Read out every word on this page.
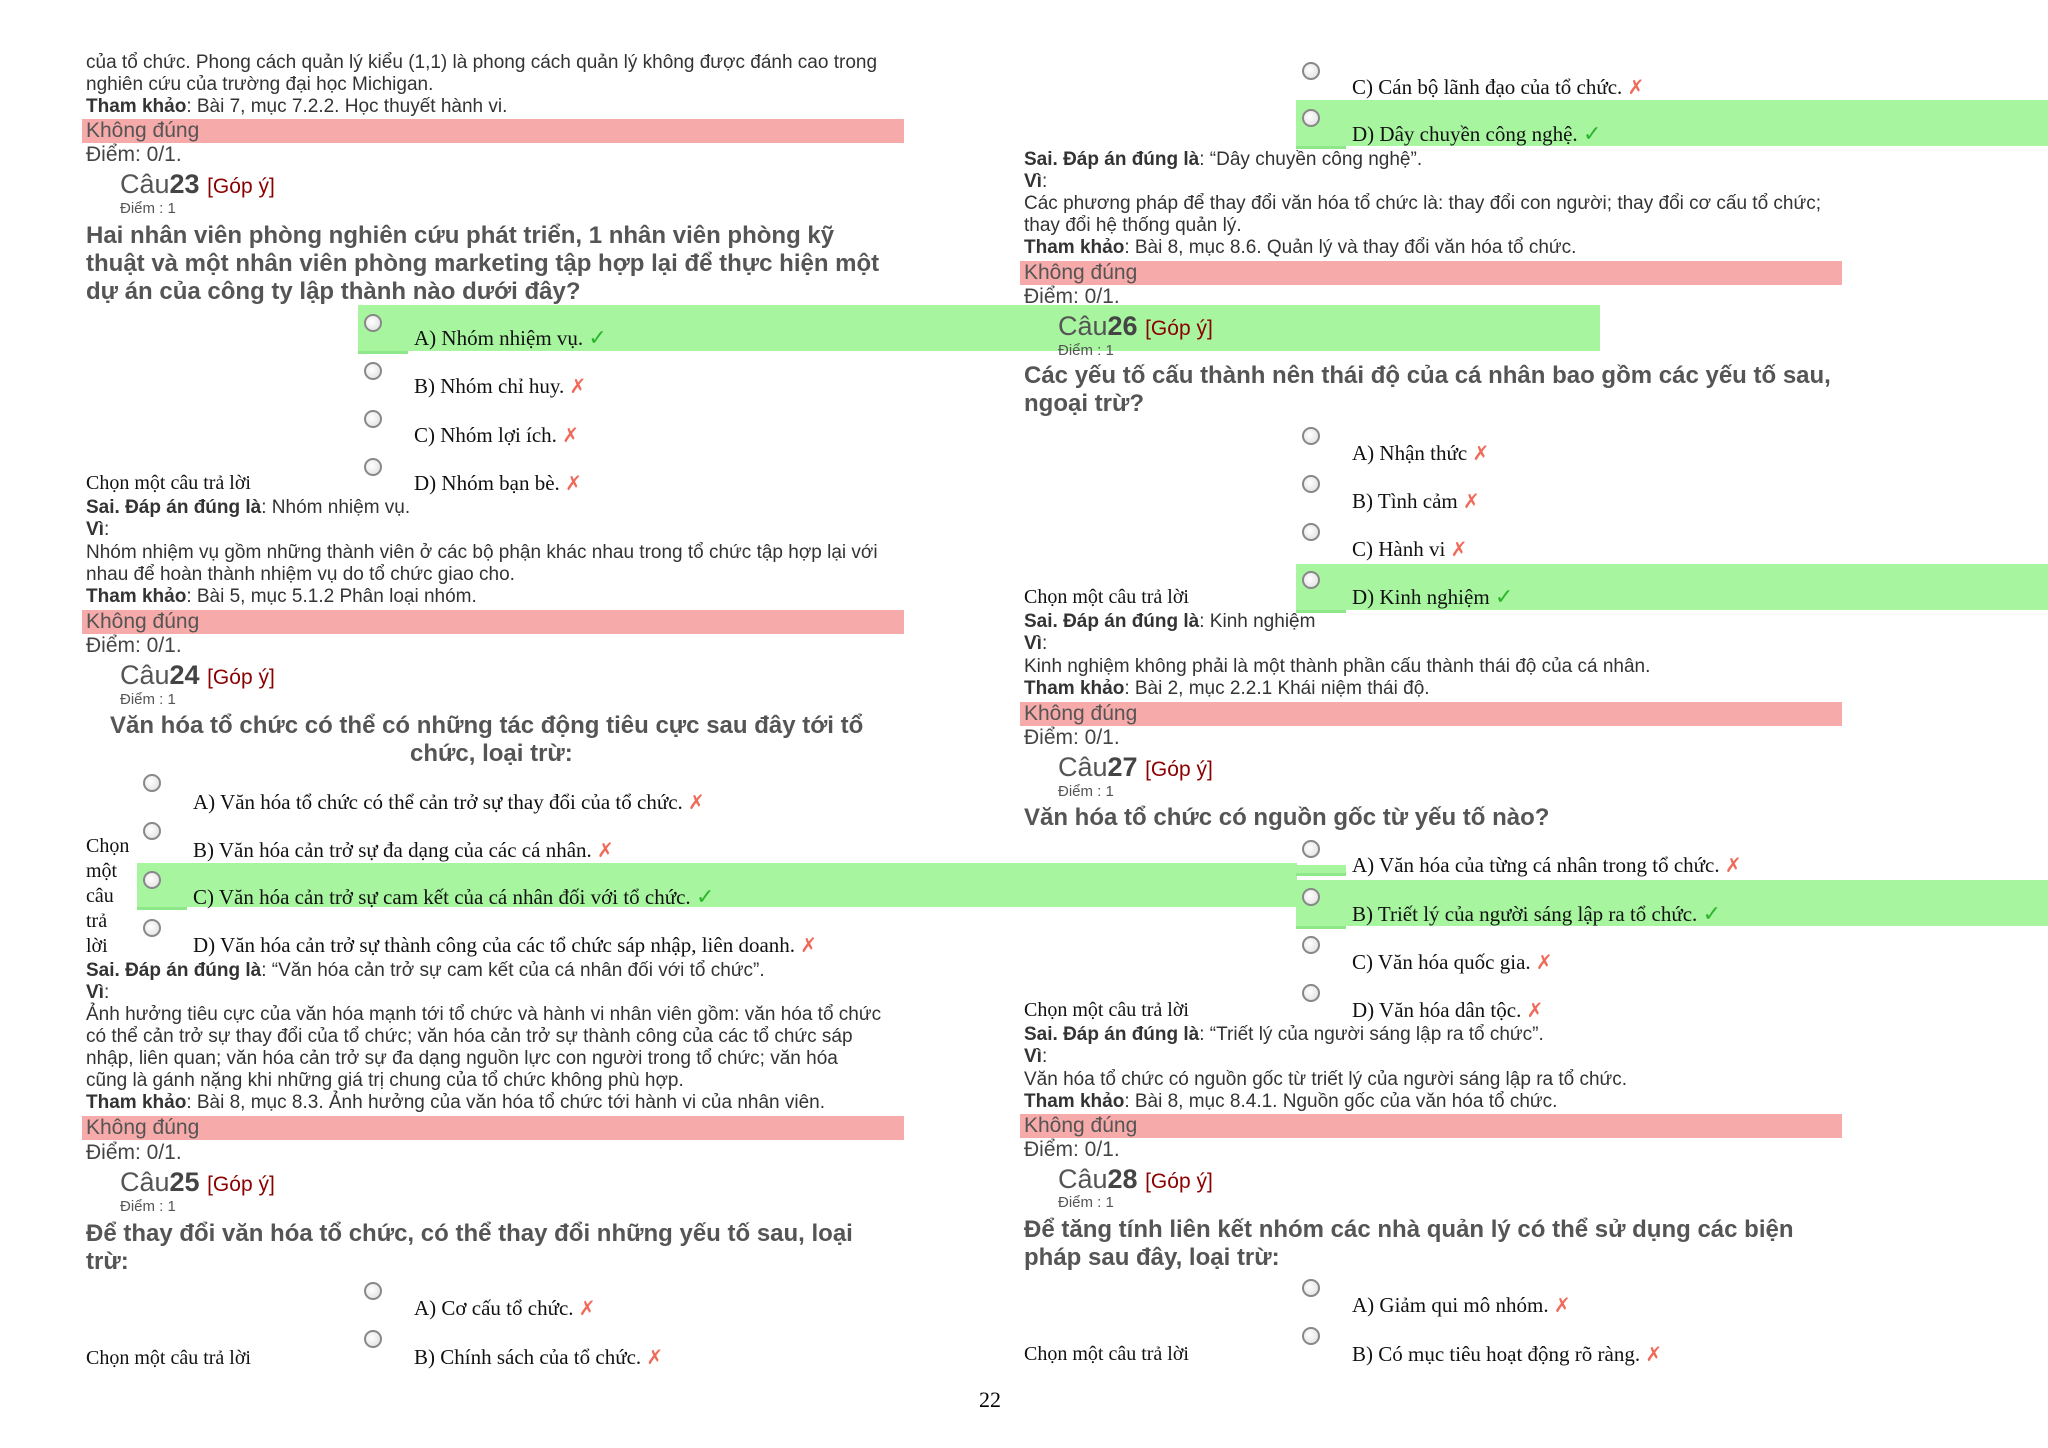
của tổ chức. Phong cách quản lý kiểu (1,1) là phong cách quản lý không được đánh cao trong
nghiên cứu của trường đại học Michigan.
Tham khảo: Bài 7, mục 7.2.2. Học thuyết hành vi.
Không đúng
Điểm: 0/1.
Câu23 [Góp ý]
Điểm : 1
Hai nhân viên phòng nghiên cứu phát triển, 1 nhân viên phòng kỹ
thuật và một nhân viên phòng marketing tập hợp lại để thực hiện một
dự án của công ty lập thành nào dưới đây?
A) Nhóm nhiệm vụ. ✓
B) Nhóm chỉ huy. ✗
C) Nhóm lợi ích. ✗
D) Nhóm bạn bè. ✗
Chọn một câu trả lời
Sai. Đáp án đúng là: Nhóm nhiệm vụ.
Vì:
Nhóm nhiệm vụ gồm những thành viên ở các bộ phận khác nhau trong tổ chức tập hợp lại với
nhau để hoàn thành nhiệm vụ do tổ chức giao cho.
Tham khảo: Bài 5, mục 5.1.2 Phân loại nhóm.
Không đúng
Điểm: 0/1.
Câu24 [Góp ý]
Điểm : 1
Văn hóa tổ chức có thể có những tác động tiêu cực sau đây tới tổ
chức, loại trừ:
A) Văn hóa tổ chức có thể cản trở sự thay đổi của tổ chức. ✗
B) Văn hóa cản trở sự đa dạng của các cá nhân. ✗
C) Văn hóa cản trở sự cam kết của cá nhân đối với tổ chức. ✓
D) Văn hóa cản trở sự thành công của các tổ chức sáp nhập, liên doanh. ✗
Chọn
một
câu
trả
lời
Sai. Đáp án đúng là: “Văn hóa cản trở sự cam kết của cá nhân đối với tổ chức”.
Vì:
Ảnh hưởng tiêu cực của văn hóa mạnh tới tổ chức và hành vi nhân viên gồm: văn hóa tổ chức
có thể cản trở sự thay đổi của tổ chức; văn hóa cản trở sự thành công của các tổ chức sáp
nhập, liên quan; văn hóa cản trở sự đa dạng nguồn lực con người trong tổ chức; văn hóa
cũng là gánh nặng khi những giá trị chung của tổ chức không phù hợp.
Tham khảo: Bài 8, mục 8.3. Ảnh hưởng của văn hóa tổ chức tới hành vi của nhân viên.
Không đúng
Điểm: 0/1.
Câu25 [Góp ý]
Điểm : 1
Để thay đổi văn hóa tổ chức, có thể thay đổi những yếu tố sau, loại
trừ:
A) Cơ cấu tổ chức. ✗
B) Chính sách của tổ chức. ✗
Chọn một câu trả lời
C) Cán bộ lãnh đạo của tổ chức. ✗
D) Dây chuyền công nghệ. ✓
Sai. Đáp án đúng là: “Dây chuyền công nghệ”.
Vì:
Các phương pháp để thay đổi văn hóa tổ chức là: thay đổi con người; thay đổi cơ cấu tổ chức;
thay đổi hệ thống quản lý.
Tham khảo: Bài 8, mục 8.6. Quản lý và thay đổi văn hóa tổ chức.
Không đúng
Điểm: 0/1.
Câu26 [Góp ý]
Điểm : 1
Các yếu tố cấu thành nên thái độ của cá nhân bao gồm các yếu tố sau,
ngoại trừ?
A) Nhận thức ✗
B) Tình cảm ✗
C) Hành vi ✗
D) Kinh nghiệm ✓
Chọn một câu trả lời
Sai. Đáp án đúng là: Kinh nghiệm
Vì:
Kinh nghiệm không phải là một thành phần cấu thành thái độ của cá nhân.
Tham khảo: Bài 2, mục 2.2.1 Khái niệm thái độ.
Không đúng
Điểm: 0/1.
Câu27 [Góp ý]
Điểm : 1
Văn hóa tổ chức có nguồn gốc từ yếu tố nào?
A) Văn hóa của từng cá nhân trong tổ chức. ✗
B) Triết lý của người sáng lập ra tổ chức. ✓
C) Văn hóa quốc gia. ✗
D) Văn hóa dân tộc. ✗
Chọn một câu trả lời
Sai. Đáp án đúng là: “Triết lý của người sáng lập ra tổ chức”.
Vì:
Văn hóa tổ chức có nguồn gốc từ triết lý của người sáng lập ra tổ chức.
Tham khảo: Bài 8, mục 8.4.1. Nguồn gốc của văn hóa tổ chức.
Không đúng
Điểm: 0/1.
Câu28 [Góp ý]
Điểm : 1
Để tăng tính liên kết nhóm các nhà quản lý có thể sử dụng các biện
pháp sau đây, loại trừ:
A) Giảm qui mô nhóm. ✗
B) Có mục tiêu hoạt động rõ ràng. ✗
Chọn một câu trả lời
22
